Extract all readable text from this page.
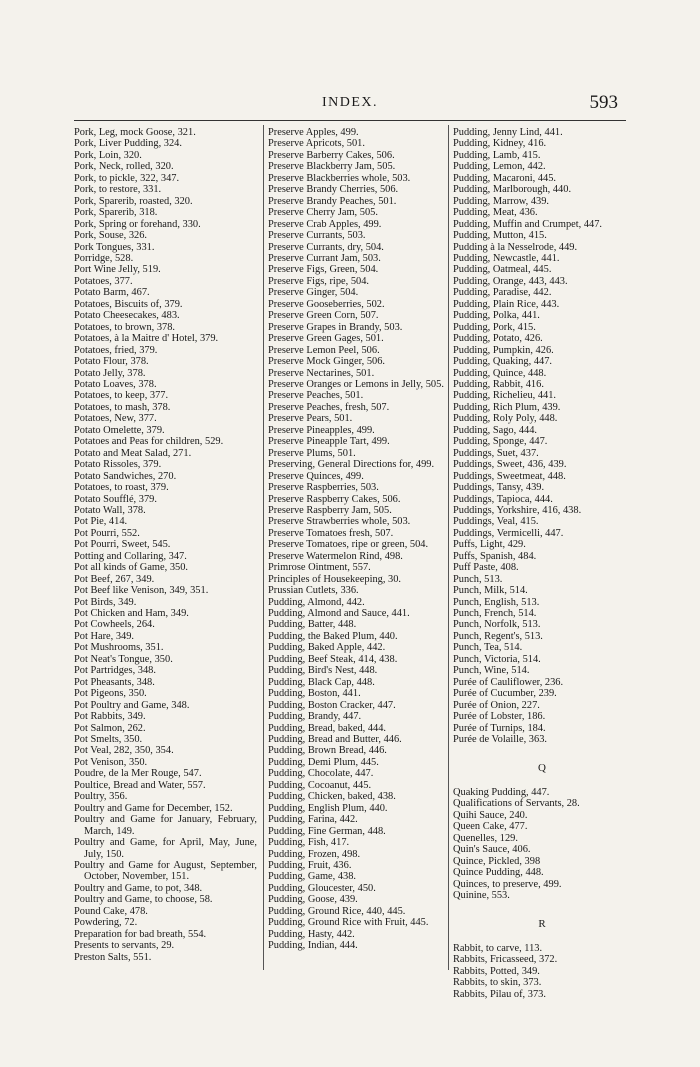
INDEX.	593
Pork, Leg, mock Goose, 321.
Pork, Liver Pudding, 324.
Pork, Loin, 320.
Pork, Neck, rolled, 320.
Pork, to pickle, 322, 347.
Pork, to restore, 331.
Pork, Sparerib, roasted, 320.
Pork, Sparerib, 318.
Pork, Spring or forehand, 330.
Pork, Souse, 326.
Pork Tongues, 331.
Porridge, 528.
Port Wine Jelly, 519.
Potatoes, 377.
Potato Barm, 467.
Potatoes, Biscuits of, 379.
Potato Cheesecakes, 483.
Potatoes, to brown, 378.
Potatoes, à la Maitre d' Hotel, 379.
Potatoes, fried, 379.
Potato Flour, 378.
Potato Jelly, 378.
Potato Loaves, 378.
Potatoes, to keep, 377.
Potatoes, to mash, 378.
Potatoes, New, 377.
Potato Omelette, 379.
Potatoes and Peas for children, 529.
Potato and Meat Salad, 271.
Potato Rissoles, 379.
Potato Sandwiches, 270.
Potatoes, to roast, 379.
Potato Soufflé, 379.
Potato Wall, 378.
Pot Pie, 414.
Pot Pourri, 552.
Pot Pourri, Sweet, 545.
Potting and Collaring, 347.
Pot all kinds of Game, 350.
Pot Beef, 267, 349.
Pot Beef like Venison, 349, 351.
Pot Birds, 349.
Pot Chicken and Ham, 349.
Pot Cowheels, 264.
Pot Hare, 349.
Pot Mushrooms, 351.
Pot Neat's Tongue, 350.
Pot Partridges, 348.
Pot Pheasants, 348.
Pot Pigeons, 350.
Pot Poultry and Game, 348.
Pot Rabbits, 349.
Pot Salmon, 262.
Pot Smelts, 350.
Pot Veal, 282, 350, 354.
Pot Venison, 350.
Poudre, de la Mer Rouge, 547.
Poultice, Bread and Water, 557.
Poultry, 356.
Poultry and Game for December, 152.
Poultry and Game for January, February, March, 149.
Poultry and Game, for April, May, June, July, 150.
Poultry and Game for August, September, October, November, 151.
Poultry and Game, to pot, 348.
Poultry and Game, to choose, 58.
Pound Cake, 478.
Powdering, 72.
Preparation for bad breath, 554.
Presents to servants, 29.
Preston Salts, 551.
Preserve Apples, 499.
Preserve Apricots, 501.
Preserve Barberry Cakes, 506.
Preserve Blackberry Jam, 505.
Preserve Blackberries whole, 503.
Preserve Brandy Cherries, 506.
Preserve Brandy Peaches, 501.
Preserve Cherry Jam, 505.
Preserve Crab Apples, 499.
Preserve Currants, 503.
Preserve Currants, dry, 504.
Preserve Currant Jam, 503.
Preserve Figs, Green, 504.
Preserve Figs, ripe, 504.
Preserve Ginger, 504.
Preserve Gooseberries, 502.
Preserve Green Corn, 507.
Preserve Grapes in Brandy, 503.
Preserve Green Gages, 501.
Preserve Lemon Peel, 506.
Preserve Mock Ginger, 506.
Preserve Nectarines, 501.
Preserve Oranges or Lemons in Jelly, 505.
Preserve Peaches, 501.
Preserve Peaches, fresh, 507.
Preserve Pears, 501.
Preserve Pineapples, 499.
Preserve Pineapple Tart, 499.
Preserve Plums, 501.
Preserving, General Directions for, 499.
Preserve Quinces, 499.
Preserve Raspberries, 503.
Preserve Raspberry Cakes, 506.
Preserve Raspberry Jam, 505.
Preserve Strawberries whole, 503.
Preserve Tomatoes fresh, 507.
Preserve Tomatoes, ripe or green, 504.
Preserve Watermelon Rind, 498.
Primrose Ointment, 557.
Principles of Housekeeping, 30.
Prussian Cutlets, 336.
Pudding, Almond, 442.
Pudding, Almond and Sauce, 441.
Pudding, Batter, 448.
Pudding, the Baked Plum, 440.
Pudding, Baked Apple, 442.
Pudding, Beef Steak, 414, 438.
Pudding, Bird's Nest, 448.
Pudding, Black Cap, 448.
Pudding, Boston, 441.
Pudding, Boston Cracker, 447.
Pudding, Brandy, 447.
Pudding, Bread, baked, 444.
Pudding, Bread and Butter, 446.
Pudding, Brown Bread, 446.
Pudding, Demi Plum, 445.
Pudding, Chocolate, 447.
Pudding, Cocoanut, 445.
Pudding, Chicken, baked, 438.
Pudding, English Plum, 440.
Pudding, Farina, 442.
Pudding, Fine German, 448.
Pudding, Fish, 417.
Pudding, Frozen, 498.
Pudding, Fruit, 436.
Pudding, Game, 438.
Pudding, Gloucester, 450.
Pudding, Goose, 439.
Pudding, Ground Rice, 440, 445.
Pudding, Ground Rice with Fruit, 445.
Pudding, Hasty, 442.
Pudding, Indian, 444.
Pudding, Jenny Lind, 441.
Pudding, Kidney, 416.
Pudding, Lamb, 415.
Pudding, Lemon, 442.
Pudding, Macaroni, 445.
Pudding, Marlborough, 440.
Pudding, Marrow, 439.
Pudding, Meat, 436.
Pudding, Muffin and Crumpet, 447.
Pudding, Mutton, 415.
Pudding à la Nesselrode, 449.
Pudding, Newcastle, 441.
Pudding, Oatmeal, 445.
Pudding, Orange, 443, 443.
Pudding, Paradise, 442.
Pudding, Plain Rice, 443.
Pudding, Polka, 441.
Pudding, Pork, 415.
Pudding, Potato, 426.
Pudding, Pumpkin, 426.
Pudding, Quaking, 447.
Pudding, Quince, 448.
Pudding, Rabbit, 416.
Pudding, Richelieu, 441.
Pudding, Rich Plum, 439.
Pudding, Roly Poly, 448.
Pudding, Sago, 444.
Pudding, Sponge, 447.
Puddings, Suet, 437.
Puddings, Sweet, 436, 439.
Puddings, Sweetmeat, 448.
Puddings, Tansy, 439.
Puddings, Tapioca, 444.
Puddings, Yorkshire, 416, 438.
Puddings, Veal, 415.
Puddings, Vermicelli, 447.
Puffs, Light, 429.
Puffs, Spanish, 484.
Puff Paste, 408.
Punch, 513.
Punch, Milk, 514.
Punch, English, 513.
Punch, French, 514.
Punch, Norfolk, 513.
Punch, Regent's, 513.
Punch, Tea, 514.
Punch, Victoria, 514.
Punch, Wine, 514.
Purée of Cauliflower, 236.
Purée of Cucumber, 239.
Purée of Onion, 227.
Purée of Lobster, 186.
Purée of Turnips, 184.
Purée de Volaille, 363.
Q
Quaking Pudding, 447.
Qualifications of Servants, 28.
Quihi Sauce, 240.
Queen Cake, 477.
Quenelles, 129.
Quin's Sauce, 406.
Quince, Pickled, 398
Quince Pudding, 448.
Quinces, to preserve, 499.
Quinine, 553.
R
Rabbit, to carve, 113.
Rabbits, Fricasseed, 372.
Rabbits, Potted, 349.
Rabbits, to skin, 373.
Rabbits, Pilau of, 373.
